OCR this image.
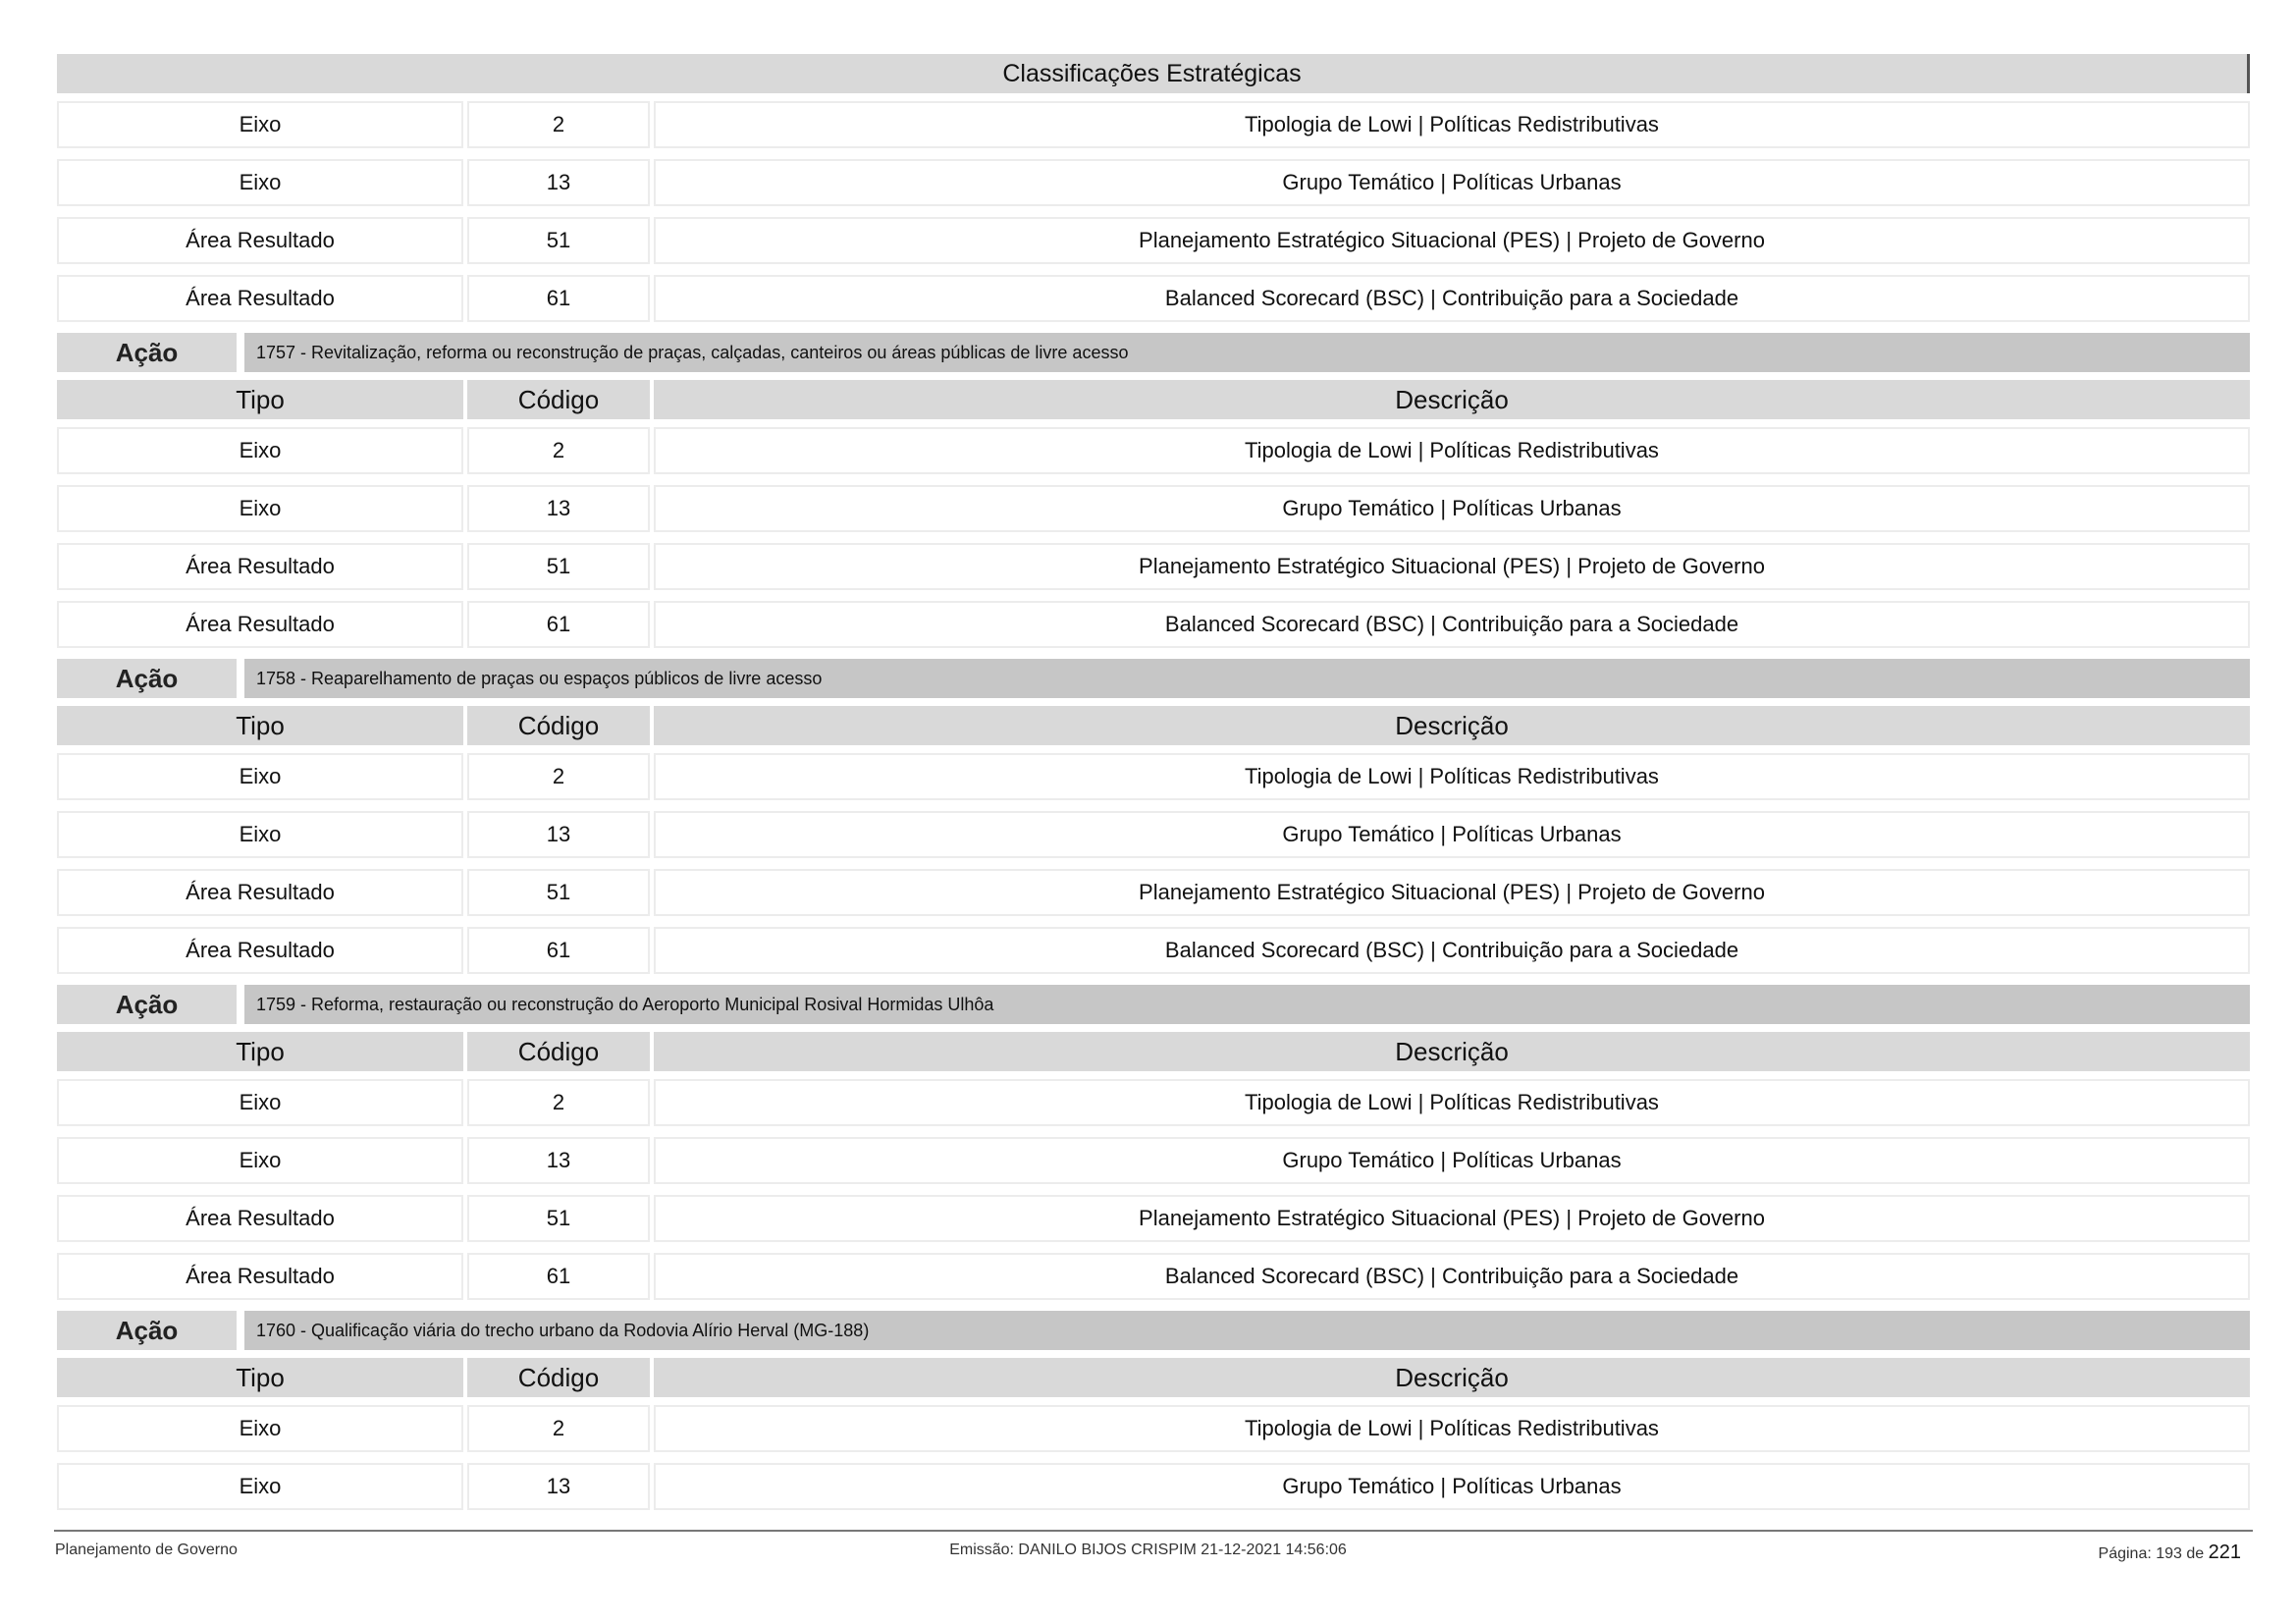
Classificações Estratégicas
Eixo	2	Tipologia de Lowi | Políticas Redistributivas
Eixo	13	Grupo Temático | Políticas Urbanas
Área Resultado	51	Planejamento Estratégico Situacional (PES) | Projeto de Governo
Área Resultado	61	Balanced Scorecard (BSC) | Contribuição para a Sociedade
Ação	1757 - Revitalização, reforma ou reconstrução de praças, calçadas, canteiros ou áreas públicas de livre acesso
Tipo	Código	Descrição
Eixo	2	Tipologia de Lowi | Políticas Redistributivas
Eixo	13	Grupo Temático | Políticas Urbanas
Área Resultado	51	Planejamento Estratégico Situacional (PES) | Projeto de Governo
Área Resultado	61	Balanced Scorecard (BSC) | Contribuição para a Sociedade
Ação	1758 - Reaparelhamento de praças ou espaços públicos de livre acesso
Tipo	Código	Descrição
Eixo	2	Tipologia de Lowi | Políticas Redistributivas
Eixo	13	Grupo Temático | Políticas Urbanas
Área Resultado	51	Planejamento Estratégico Situacional (PES) | Projeto de Governo
Área Resultado	61	Balanced Scorecard (BSC) | Contribuição para a Sociedade
Ação	1759 - Reforma, restauração ou reconstrução do Aeroporto Municipal Rosival Hormidas Ulhôa
Tipo	Código	Descrição
Eixo	2	Tipologia de Lowi | Políticas Redistributivas
Eixo	13	Grupo Temático | Políticas Urbanas
Área Resultado	51	Planejamento Estratégico Situacional (PES) | Projeto de Governo
Área Resultado	61	Balanced Scorecard (BSC) | Contribuição para a Sociedade
Ação	1760 - Qualificação viária do trecho urbano da Rodovia Alírio Herval (MG-188)
Tipo	Código	Descrição
Eixo	2	Tipologia de Lowi | Políticas Redistributivas
Eixo	13	Grupo Temático | Políticas Urbanas
Planejamento de Governo	Emissão: DANILO BIJOS CRISPIM 21-12-2021 14:56:06	Página: 193 de 221
